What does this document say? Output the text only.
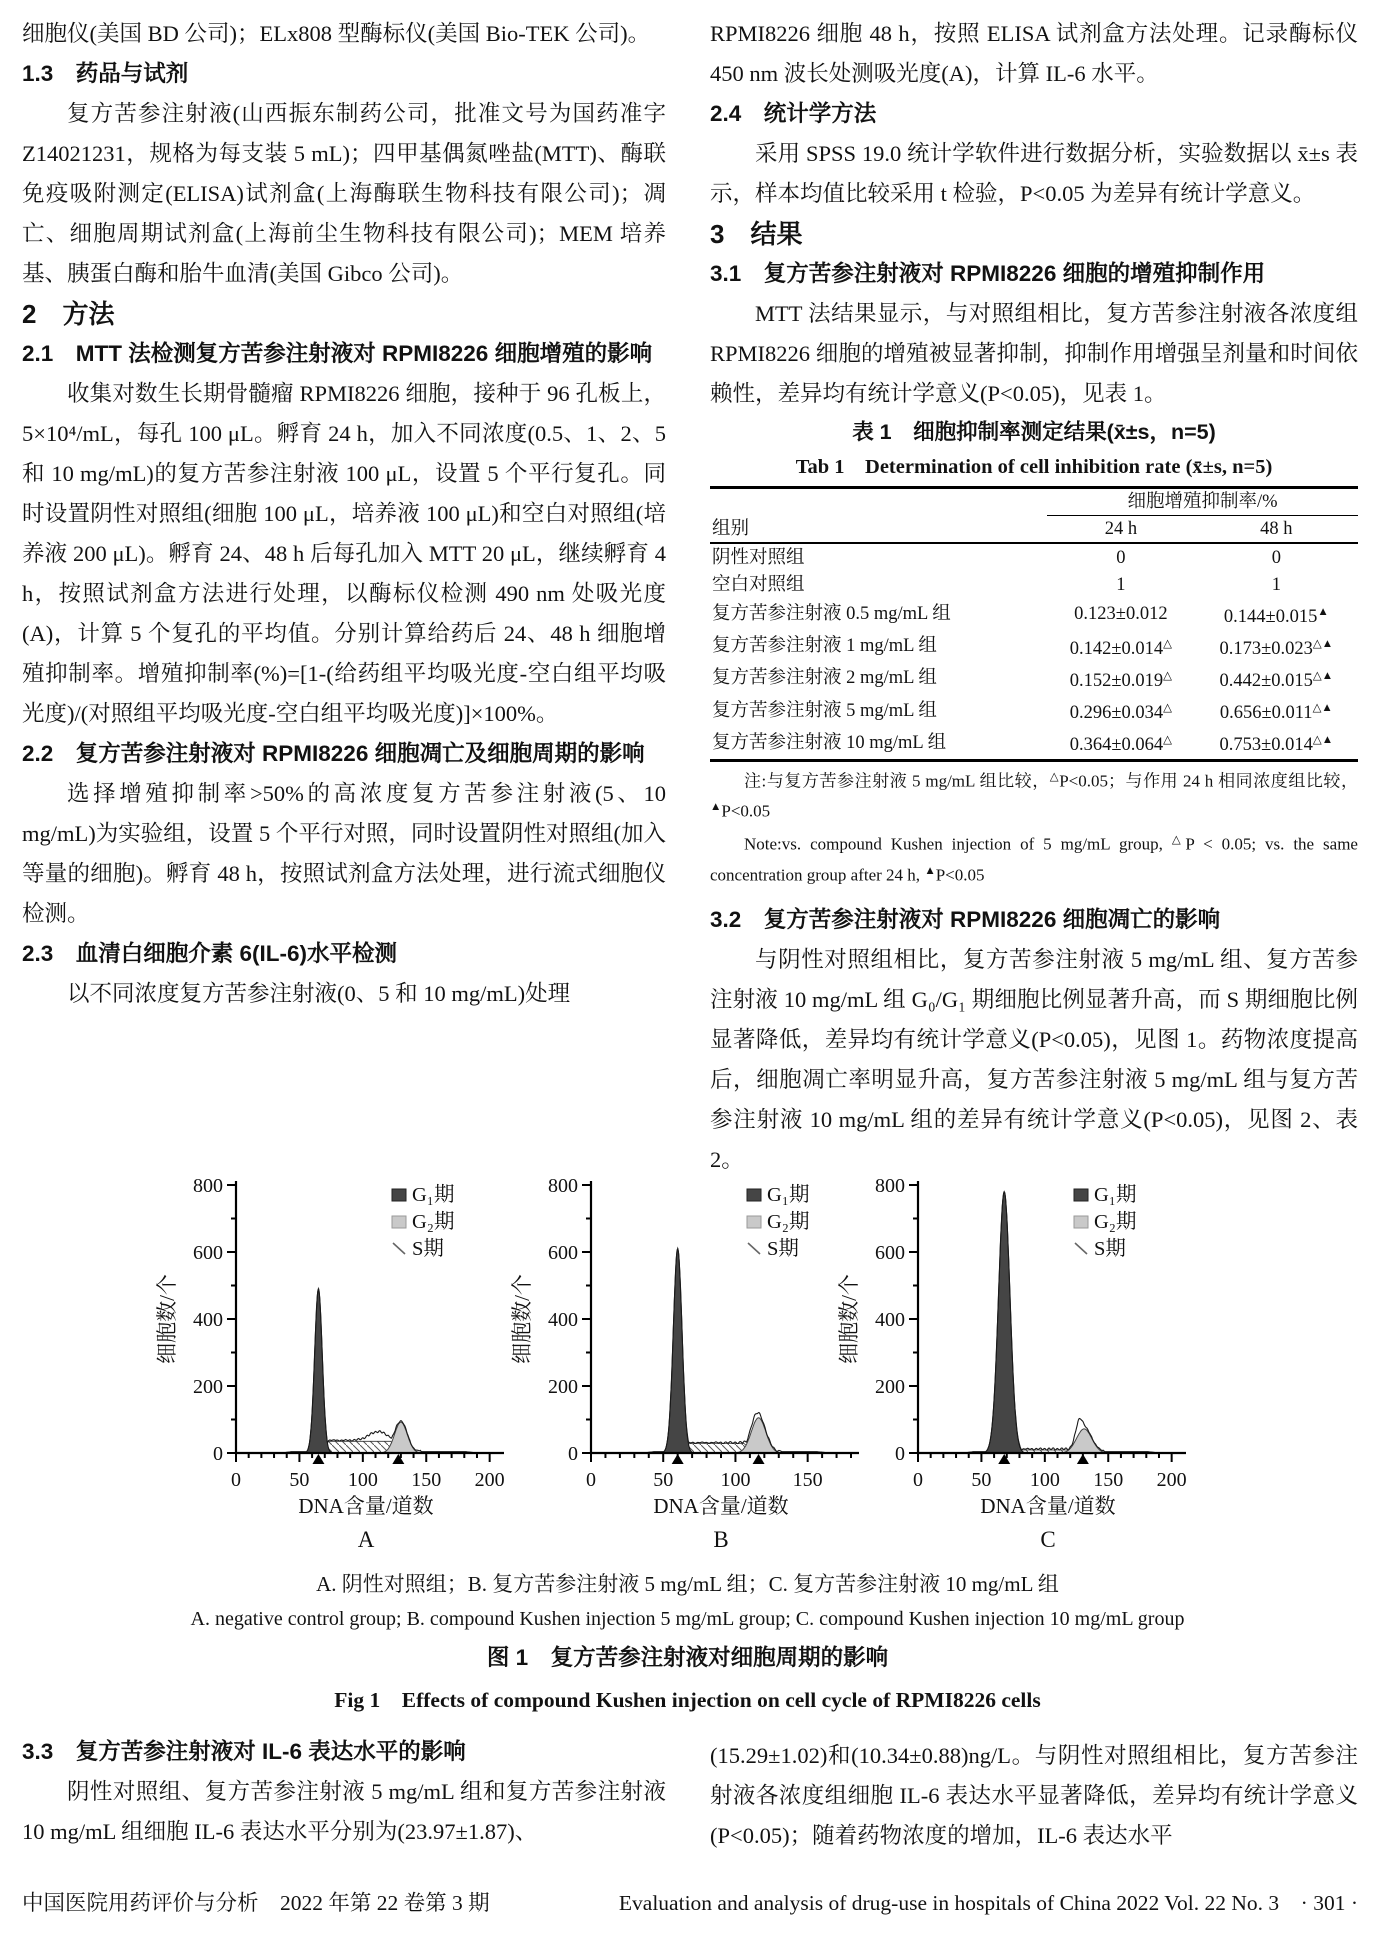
细胞仪(美国 BD 公司)；ELx808 型酶标仪(美国 Bio-TEK 公司)。

1.3　药品与试剂

复方苦参注射液(山西振东制药公司，批准文号为国药准字 Z14021231，规格为每支装 5 mL)；四甲基偶氮唑盐(MTT)、酶联免疫吸附测定(ELISA)试剂盒(上海酶联生物科技有限公司)；凋亡、细胞周期试剂盒(上海前尘生物科技有限公司)；MEM 培养基、胰蛋白酶和胎牛血清(美国 Gibco 公司)。

2　方法
2.1　MTT 法检测复方苦参注射液对 RPMI8226 细胞增殖的影响

收集对数生长期骨髓瘤 RPMI8226 细胞，接种于 96 孔板上，5×10⁴/mL，每孔 100 μL。孵育 24 h，加入不同浓度(0.5、1、2、5 和 10 mg/mL)的复方苦参注射液 100 μL，设置 5 个平行复孔。同时设置阴性对照组(细胞 100 μL，培养液 100 μL)和空白对照组(培养液 200 μL)。孵育 24、48 h 后每孔加入 MTT 20 μL，继续孵育 4 h，按照试剂盒方法进行处理，以酶标仪检测 490 nm 处吸光度(A)，计算 5 个复孔的平均值。分别计算给药后 24、48 h 细胞增殖抑制率。增殖抑制率(%)=[1-(给药组平均吸光度-空白组平均吸光度)/(对照组平均吸光度-空白组平均吸光度)]×100%。

2.2　复方苦参注射液对 RPMI8226 细胞凋亡及细胞周期的影响

选择增殖抑制率>50%的高浓度复方苦参注射液(5、10 mg/mL)为实验组，设置 5 个平行对照，同时设置阴性对照组(加入等量的细胞)。孵育 48 h，按照试剂盒方法处理，进行流式细胞仪检测。

2.3　血清白细胞介素 6(IL-6)水平检测

以不同浓度复方苦参注射液(0、5 和 10 mg/mL)处理

RPMI8226 细胞 48 h，按照 ELISA 试剂盒方法处理。记录酶标仪 450 nm 波长处测吸光度(A)，计算 IL-6 水平。

2.4　统计学方法

采用 SPSS 19.0 统计学软件进行数据分析，实验数据以 x̄±s 表示，样本均值比较采用 t 检验，P<0.05 为差异有统计学意义。

3　结果
3.1　复方苦参注射液对 RPMI8226 细胞的增殖抑制作用

MTT 法结果显示，与对照组相比，复方苦参注射液各浓度组 RPMI8226 细胞的增殖被显著抑制，抑制作用增强呈剂量和时间依赖性，差异均有统计学意义(P<0.05)，见表 1。

表 1　细胞抑制率测定结果(x̄±s，n=5)
Tab 1　Determination of cell inhibition rate (x̄±s, n=5)
组别	细胞增殖抑制率/%	
	24 h	48 h
阴性对照组	0	0
空白对照组	1	1
复方苦参注射液 0.5 mg/mL 组	0.123±0.012	0.144±0.015▲
复方苦参注射液 1 mg/mL 组	0.142±0.014△	0.173±0.023△▲
复方苦参注射液 2 mg/mL 组	0.152±0.019△	0.442±0.015△▲
复方苦参注射液 5 mg/mL 组	0.296±0.034△	0.656±0.011△▲
复方苦参注射液 10 mg/mL 组	0.364±0.064△	0.753±0.014△▲

注:与复方苦参注射液 5 mg/mL 组比较，△P<0.05；与作用 24 h 相同浓度组比较，▲P<0.05

Note:vs. compound Kushen injection of 5 mg/mL group, △P < 0.05; vs. the same concentration group after 24 h, ▲P<0.05

3.2　复方苦参注射液对 RPMI8226 细胞凋亡的影响

与阴性对照组相比，复方苦参注射液 5 mg/mL 组、复方苦参注射液 10 mg/mL 组 G₀/G₁ 期细胞比例显著升高，而 S 期细胞比例显著降低，差异均有统计学意义(P<0.05)，见图 1。药物浓度提高后，细胞凋亡率明显升高，复方苦参注射液 5 mg/mL 组与复方苦参注射液 10 mg/mL 组的差异有统计学意义(P<0.05)，见图 2、表 2。

0
200
400
600
800
0 50 100 150 200
G₁期
G₂期
S期
细胞数/个
DNA含量/道数
A
0
200
400
600
800
0	50 100 150
G₁期
G₂期
S期
细胞数/个
DNA含量/道数
B
0
200
400
600
800
0 50 100 150 200
G₁期
G₂期
S期
细胞数/个
DNA含量/道数
C

A. 阴性对照组；B. 复方苦参注射液 5 mg/mL 组；C. 复方苦参注射液 10 mg/mL 组

A. negative control group; B. compound Kushen injection 5 mg/mL group; C. compound Kushen injection 10 mg/mL group

图 1　复方苦参注射液对细胞周期的影响

Fig 1　Effects of compound Kushen injection on cell cycle of RPMI8226 cells

3.3　复方苦参注射液对 IL-6 表达水平的影响

阴性对照组、复方苦参注射液 5 mg/mL 组和复方苦参注射液 10 mg/mL 组细胞 IL-6 表达水平分别为(23.97±1.87)、

(15.29±1.02)和(10.34±0.88)ng/L。与阴性对照组相比，复方苦参注射液各浓度组细胞 IL-6 表达水平显著降低，差异均有统计学意义(P<0.05)；随着药物浓度的增加，IL-6 表达水平

中国医院用药评价与分析　2022 年第 22 卷第 3 期	Evaluation and analysis of drug-use in hospitals of China 2022 Vol. 22 No. 3　· 301 ·
